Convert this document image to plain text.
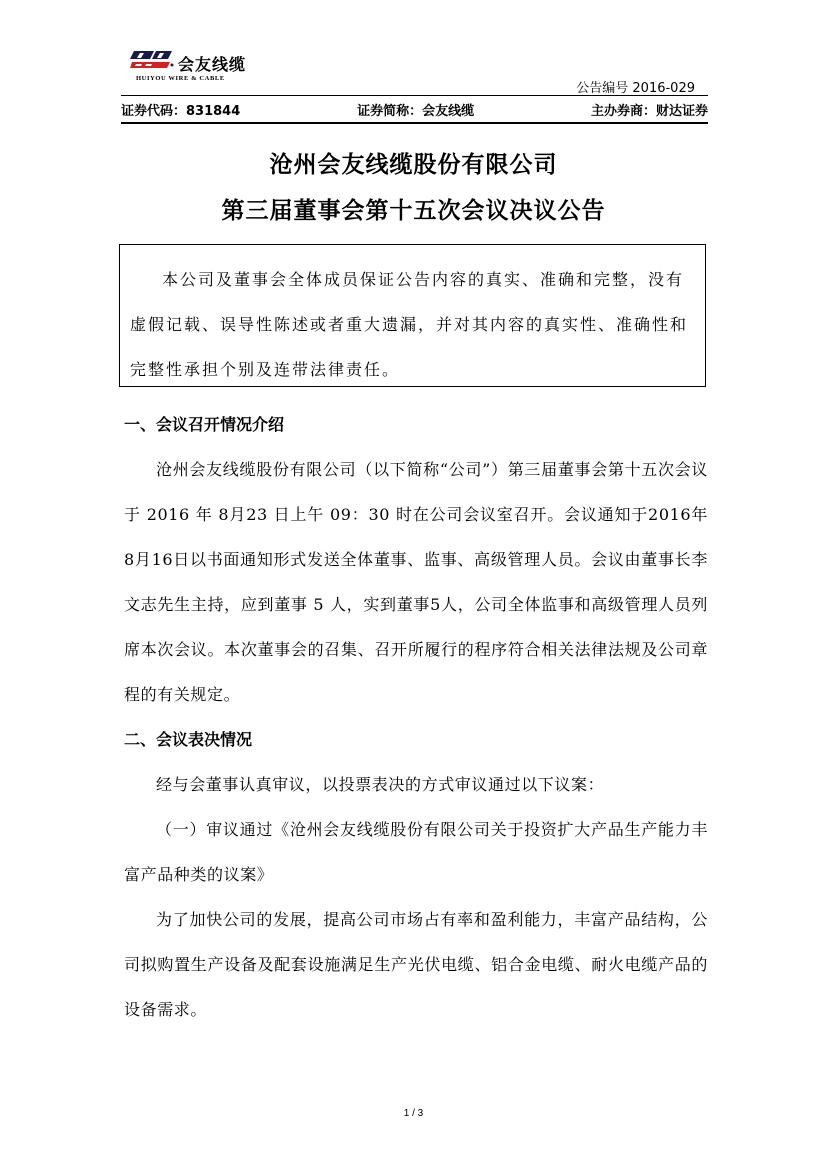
会友线缆
HUIYOU WIRE & CABLE
公告编号 2016-029
证券代码：831844	证券简称：会友线缆	主办券商：财达证券
沧州会友线缆股份有限公司
第三届董事会第十五次会议决议公告

本公司及董事会全体成员保证公告内容的真实、准确和完整，没有虚假记载、误导性陈述或者重大遗漏，并对其内容的真实性、准确性和完整性承担个别及连带法律责任。

一、会议召开情况介绍

沧州会友线缆股份有限公司（以下简称“公司”）第三届董事会第十五次会议于 2016 年 8月23 日上午 09：30 时在公司会议室召开。会议通知于2016年8月16日以书面通知形式发送全体董事、监事、高级管理人员。会议由董事长李文志先生主持，应到董事 5 人，实到董事5人，公司全体监事和高级管理人员列席本次会议。本次董事会的召集、召开所履行的程序符合相关法律法规及公司章程的有关规定。

二、会议表决情况

经与会董事认真审议，以投票表决的方式审议通过以下议案：

（一）审议通过《沧州会友线缆股份有限公司关于投资扩大产品生产能力丰富产品种类的议案》

为了加快公司的发展，提高公司市场占有率和盈利能力，丰富产品结构，公司拟购置生产设备及配套设施满足生产光伏电缆、铝合金电缆、耐火电缆产品的设备需求。

1 / 3
